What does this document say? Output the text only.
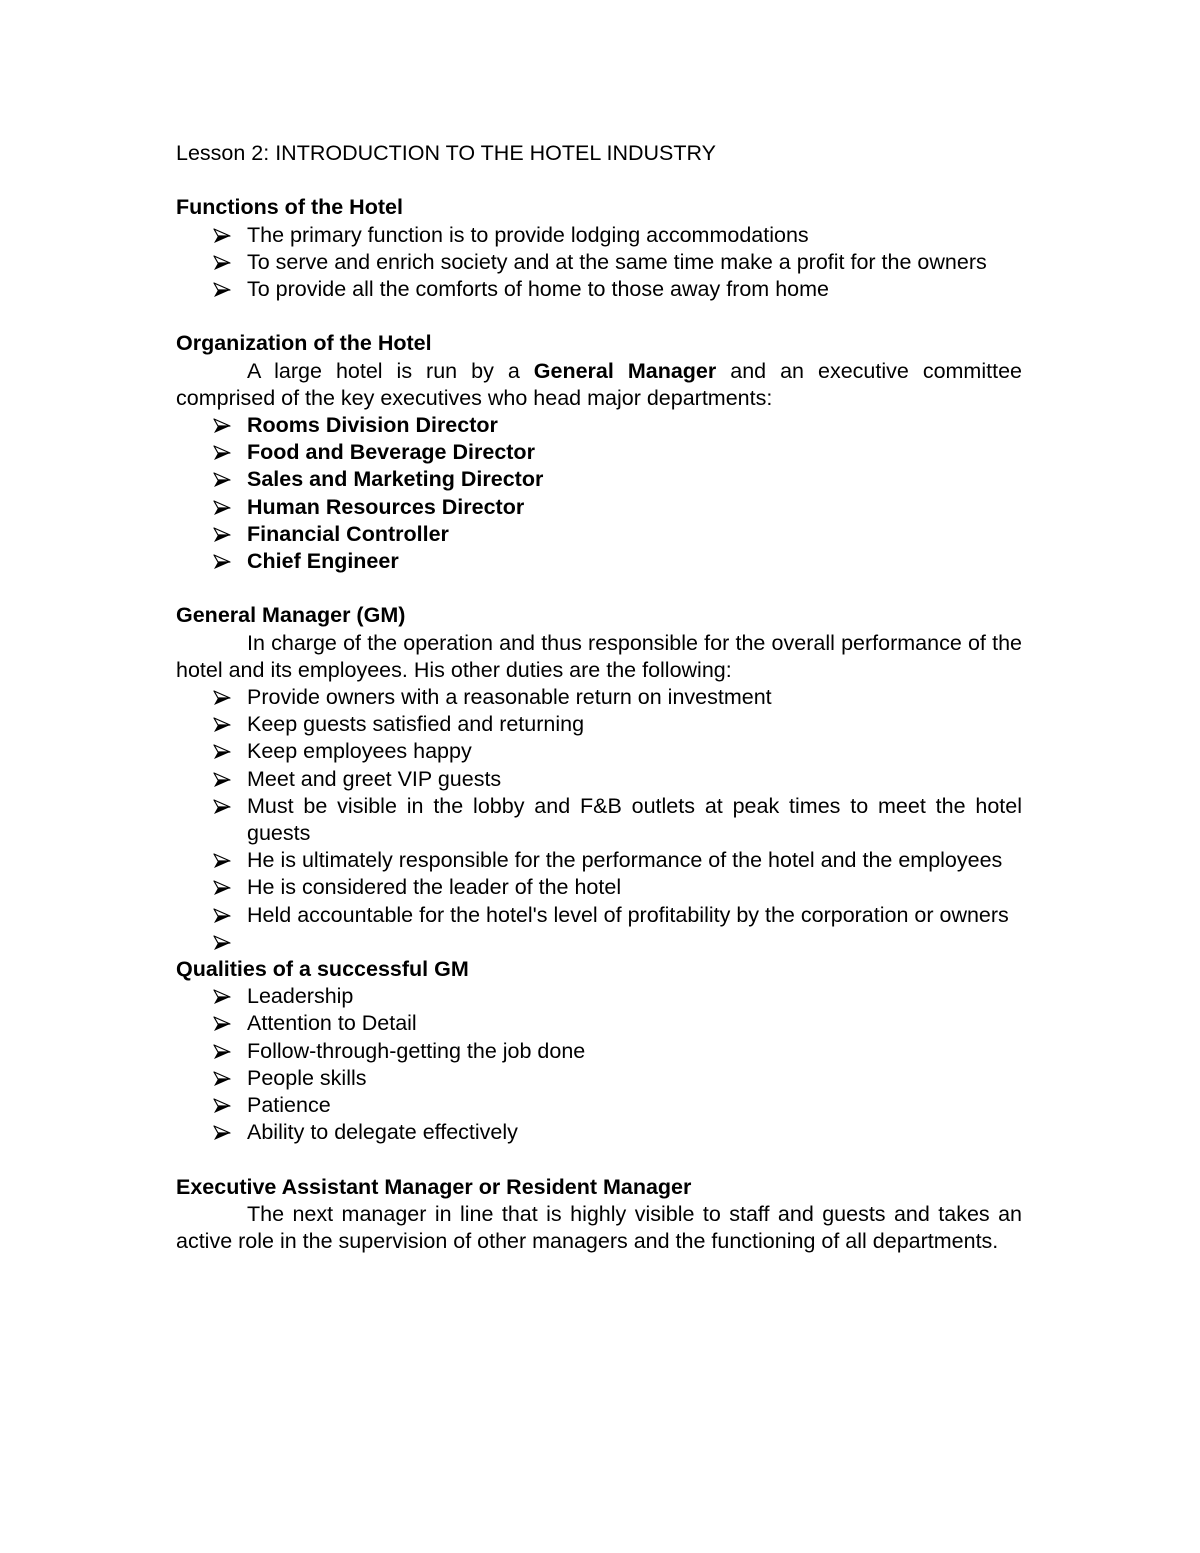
Lesson 2: INTRODUCTION TO THE HOTEL INDUSTRY
Functions of the Hotel
The primary function is to provide lodging accommodations
To serve and enrich society and at the same time make a profit for the owners
To provide all the comforts of home to those away from home
Organization of the Hotel

A large hotel is run by a General Manager and an executive committee comprised of the key executives who head major departments:

Rooms Division Director
Food and Beverage Director
Sales and Marketing Director
Human Resources Director
Financial Controller
Chief Engineer
General Manager (GM)

In charge of the operation and thus responsible for the overall performance of the hotel and its employees. His other duties are the following:

Provide owners with a reasonable return on investment
Keep guests satisfied and returning
Keep employees happy
Meet and greet VIP guests
Must be visible in the lobby and F&B outlets at peak times to meet the hotel guests
He is ultimately responsible for the performance of the hotel and the employees
He is considered the leader of the hotel
Held accountable for the hotel's level of profitability by the corporation or owners
Qualities of a successful GM
Leadership
Attention to Detail
Follow-through-getting the job done
People skills
Patience
Ability to delegate effectively
Executive Assistant Manager or Resident Manager

The next manager in line that is highly visible to staff and guests and takes an active role in the supervision of other managers and the functioning of all departments.
